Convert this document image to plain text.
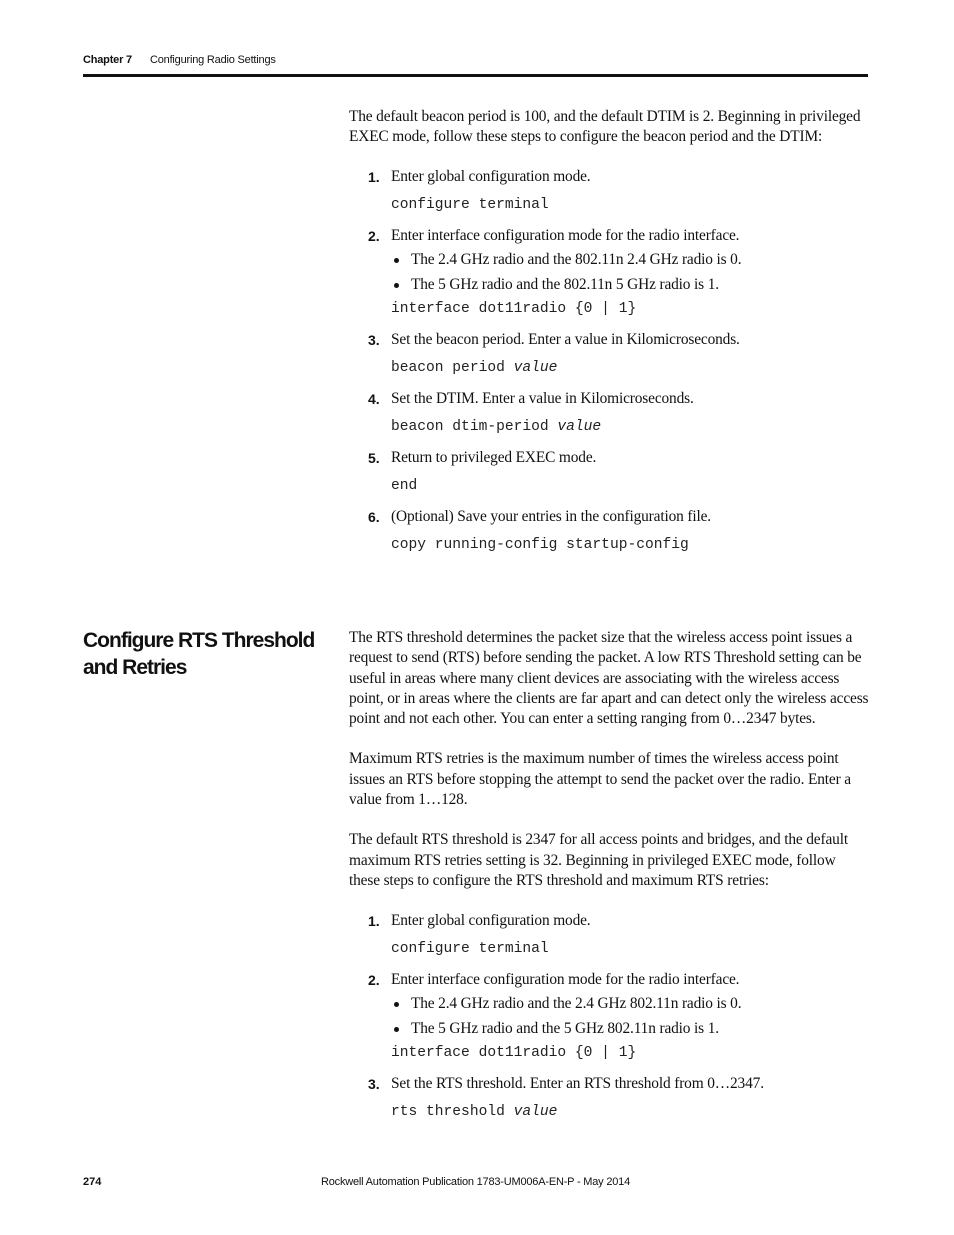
Chapter 7 Configuring Radio Settings

The default beacon period is 100, and the default DTIM is 2. Beginning in privileged EXEC mode, follow these steps to configure the beacon period and the DTIM:

1. Enter global configuration mode.
configure terminal
2. Enter interface configuration mode for the radio interface.
The 2.4 GHz radio and the 802.11n 2.4 GHz radio is 0.
The 5 GHz radio and the 802.11n 5 GHz radio is 1.
interface dot11radio {0 | 1}
3. Set the beacon period. Enter a value in Kilomicroseconds.
beacon period value
4. Set the DTIM. Enter a value in Kilomicroseconds.
beacon dtim-period value
5. Return to privileged EXEC mode.
end
6. (Optional) Save your entries in the configuration file.
copy running-config startup-config
Configure RTS Threshold and Retries

The RTS threshold determines the packet size that the wireless access point issues a request to send (RTS) before sending the packet. A low RTS Threshold setting can be useful in areas where many client devices are associating with the wireless access point, or in areas where the clients are far apart and can detect only the wireless access point and not each other. You can enter a setting ranging from 0…2347 bytes.

Maximum RTS retries is the maximum number of times the wireless access point issues an RTS before stopping the attempt to send the packet over the radio. Enter a value from 1…128.

The default RTS threshold is 2347 for all access points and bridges, and the default maximum RTS retries setting is 32. Beginning in privileged EXEC mode, follow these steps to configure the RTS threshold and maximum RTS retries:

1. Enter global configuration mode.
configure terminal
2. Enter interface configuration mode for the radio interface.
The 2.4 GHz radio and the 2.4 GHz 802.11n radio is 0.
The 5 GHz radio and the 5 GHz 802.11n radio is 1.
interface dot11radio {0 | 1}
3. Set the RTS threshold. Enter an RTS threshold from 0…2347.
rts threshold value
274	Rockwell Automation Publication 1783-UM006A-EN-P - May 2014
